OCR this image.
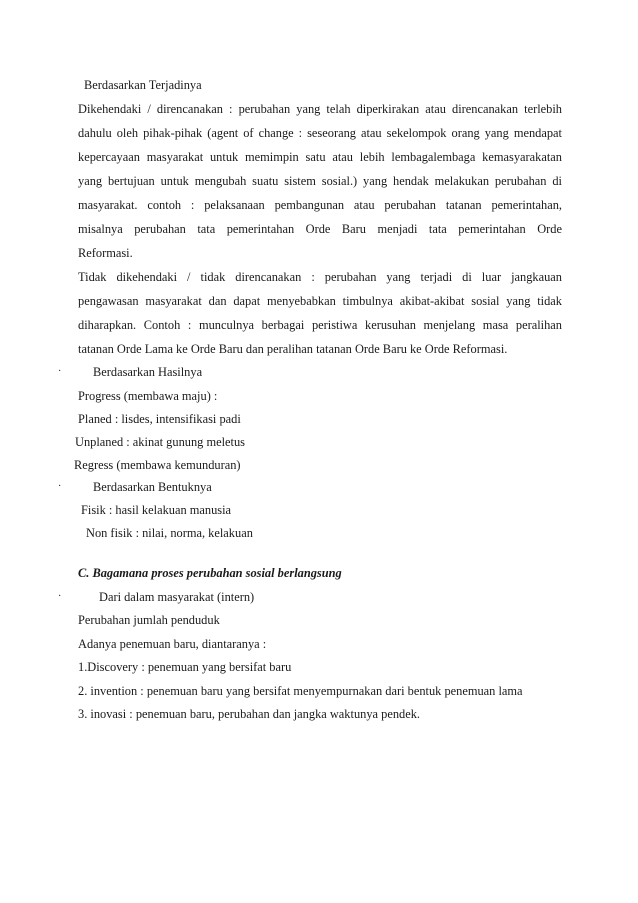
Berdasarkan Terjadinya
Dikehendaki / direncanakan : perubahan yang telah diperkirakan atau direncanakan terlebih
dahulu oleh pihak-pihak (agent of change : seseorang atau sekelompok orang yang mendapat
kepercayaan masyarakat untuk memimpin satu atau lebih lembagalembaga kemasyarakatan
yang bertujuan untuk mengubah suatu sistem sosial.) yang hendak melakukan perubahan di
masyarakat. contoh : pelaksanaan pembangunan atau perubahan tatanan pemerintahan,
misalnya perubahan tata pemerintahan Orde Baru menjadi tata pemerintahan Orde
Reformasi.
Tidak dikehendaki / tidak direncanakan : perubahan yang terjadi di luar jangkauan
pengawasan masyarakat dan dapat menyebabkan timbulnya akibat-akibat sosial yang tidak
diharapkan. Contoh : munculnya berbagai peristiwa kerusuhan menjelang masa peralihan
tatanan Orde Lama ke Orde Baru dan peralihan tatanan Orde Baru ke Orde Reformasi.
·	Berdasarkan Hasilnya
Progress (membawa maju) :
Planed : lisdes, intensifikasi padi
Unplaned : akinat gunung meletus
Regress (membawa kemunduran)
·	Berdasarkan Bentuknya
Fisik : hasil kelakuan manusia
Non fisik : nilai, norma, kelakuan
C. Bagamana proses perubahan sosial berlangsung
·	Dari dalam masyarakat (intern)
Perubahan jumlah penduduk
Adanya penemuan baru, diantaranya :
1.Discovery : penemuan yang bersifat baru
2. invention : penemuan baru yang bersifat menyempurnakan dari bentuk penemuan lama
3. inovasi : penemuan baru, perubahan dan jangka waktunya pendek.
